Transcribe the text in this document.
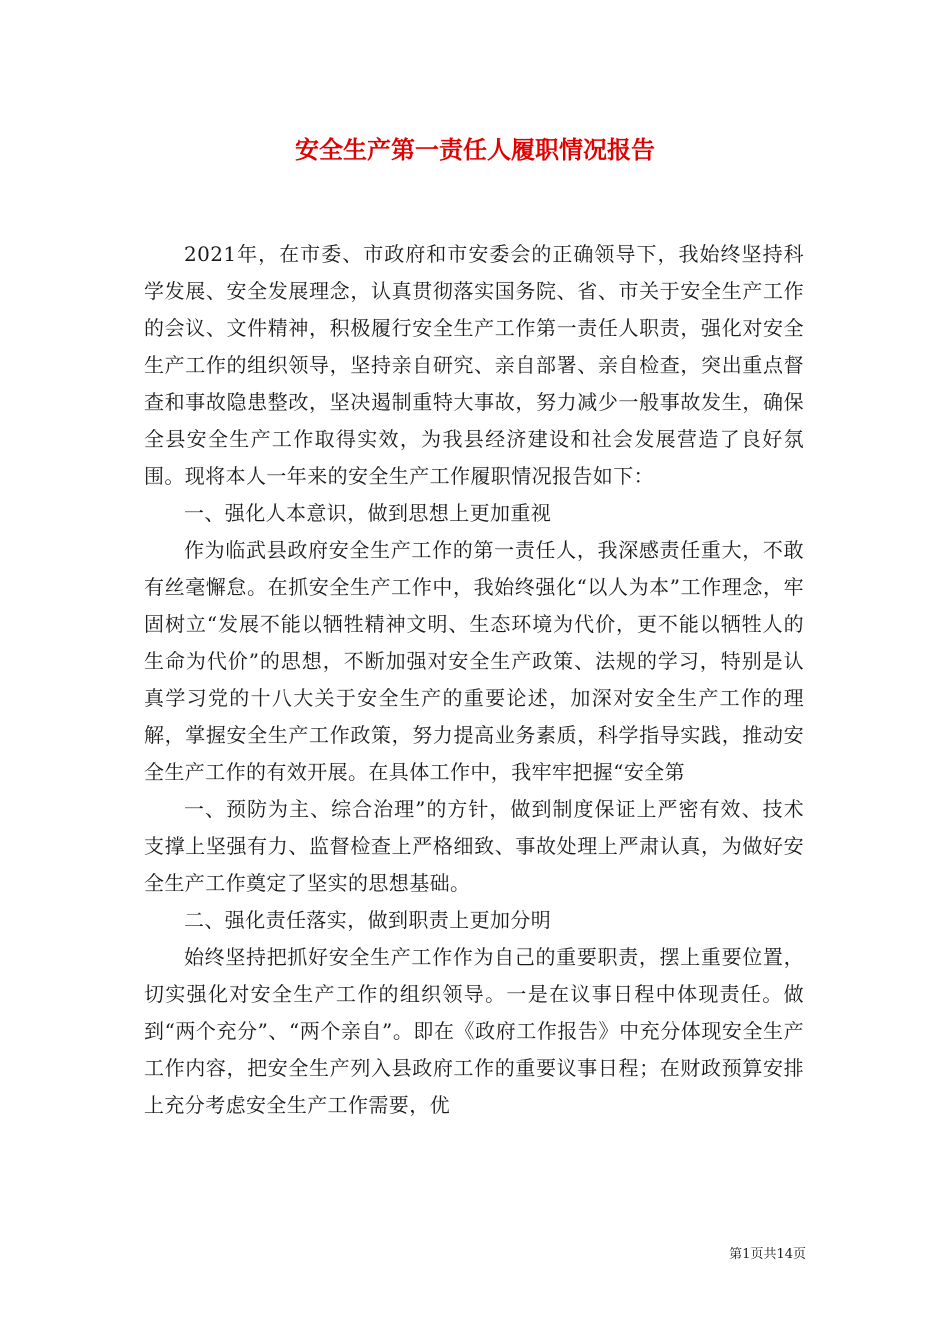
安全生产第一责任人履职情况报告

2021年，在市委、市政府和市安委会的正确领导下，我始终坚持科学发展、安全发展理念，认真贯彻落实国务院、省、市关于安全生产工作的会议、文件精神，积极履行安全生产工作第一责任人职责，强化对安全生产工作的组织领导，坚持亲自研究、亲自部署、亲自检查，突出重点督查和事故隐患整改，坚决遏制重特大事故，努力减少一般事故发生，确保全县安全生产工作取得实效，为我县经济建设和社会发展营造了良好氛围。现将本人一年来的安全生产工作履职情况报告如下：

一、强化人本意识，做到思想上更加重视

作为临武县政府安全生产工作的第一责任人，我深感责任重大，不敢有丝毫懈怠。在抓安全生产工作中，我始终强化“以人为本”工作理念，牢固树立“发展不能以牺牲精神文明、生态环境为代价，更不能以牺牲人的生命为代价”的思想，不断加强对安全生产政策、法规的学习，特别是认真学习党的十八大关于安全生产的重要论述，加深对安全生产工作的理解，掌握安全生产工作政策，努力提高业务素质，科学指导实践，推动安全生产工作的有效开展。在具体工作中，我牢牢把握“安全第

一、预防为主、综合治理”的方针，做到制度保证上严密有效、技术支撑上坚强有力、监督检查上严格细致、事故处理上严肃认真，为做好安全生产工作奠定了坚实的思想基础。

二、强化责任落实，做到职责上更加分明

始终坚持把抓好安全生产工作作为自己的重要职责，摆上重要位置，切实强化对安全生产工作的组织领导。一是在议事日程中体现责任。做到“两个充分”、“两个亲自”。即在《政府工作报告》中充分体现安全生产工作内容，把安全生产列入县政府工作的重要议事日程；在财政预算安排上充分考虑安全生产工作需要，优

第1页共14页
